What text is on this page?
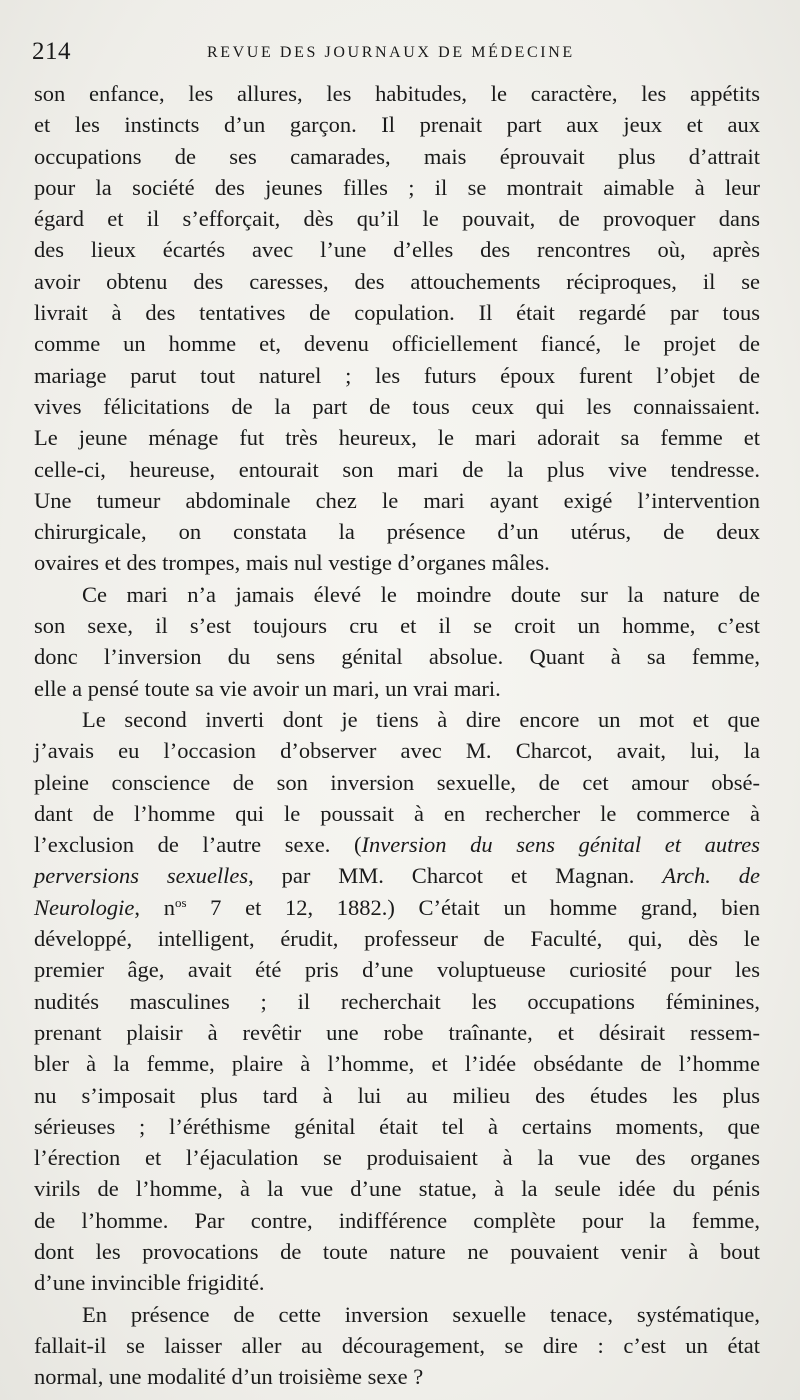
214	REVUE DES JOURNAUX DE MÉDECINE
son enfance, les allures, les habitudes, le caractère, les appétits
et les instincts d’un garçon. Il prenait part aux jeux et aux
occupations de ses camarades, mais éprouvait plus d’attrait
pour la société des jeunes filles ; il se montrait aimable à leur
égard et il s’efforçait, dès qu’il le pouvait, de provoquer dans
des lieux écartés avec l’une d’elles des rencontres où, après
avoir obtenu des caresses, des attouchements réciproques, il se
livrait à des tentatives de copulation. Il était regardé par tous
comme un homme et, devenu officiellement fiancé, le projet de
mariage parut tout naturel ; les futurs époux furent l’objet de
vives félicitations de la part de tous ceux qui les connaissaient.
Le jeune ménage fut très heureux, le mari adorait sa femme et
celle-ci, heureuse, entourait son mari de la plus vive tendresse.
Une tumeur abdominale chez le mari ayant exigé l’intervention
chirurgicale, on constata la présence d’un utérus, de deux
ovaires et des trompes, mais nul vestige d’organes mâles.
Ce mari n’a jamais élevé le moindre doute sur la nature de
son sexe, il s’est toujours cru et il se croit un homme, c’est
donc l’inversion du sens génital absolue. Quant à sa femme,
elle a pensé toute sa vie avoir un mari, un vrai mari.
Le second inverti dont je tiens à dire encore un mot et que
j’avais eu l’occasion d’observer avec M. Charcot, avait, lui, la
pleine conscience de son inversion sexuelle, de cet amour obsé-
dant de l’homme qui le poussait à en rechercher le commerce à
l’exclusion de l’autre sexe. (Inversion du sens génital et autres
perversions sexuelles, par MM. Charcot et Magnan. Arch. de
Neurologie, $n^{os}$ 7 et 12, 1882.) C’était un homme grand, bien
développé, intelligent, érudit, professeur de Faculté, qui, dès le
premier âge, avait été pris d’une voluptueuse curiosité pour les
nudités masculines ; il recherchait les occupations féminines,
prenant plaisir à revêtir une robe traînante, et désirait ressem-
bler à la femme, plaire à l’homme, et l’idée obsédante de l’homme
nu s’imposait plus tard à lui au milieu des études les plus
sérieuses ; l’éréthisme génital était tel à certains moments, que
l’érection et l’éjaculation se produisaient à la vue des organes
virils de l’homme, à la vue d’une statue, à la seule idée du pénis
de l’homme. Par contre, indifférence complète pour la femme,
dont les provocations de toute nature ne pouvaient venir à bout
d’une invincible frigidité.
En présence de cette inversion sexuelle tenace, systématique,
fallait-il se laisser aller au découragement, se dire : c’est un état
normal, une modalité d’un troisième sexe ?
